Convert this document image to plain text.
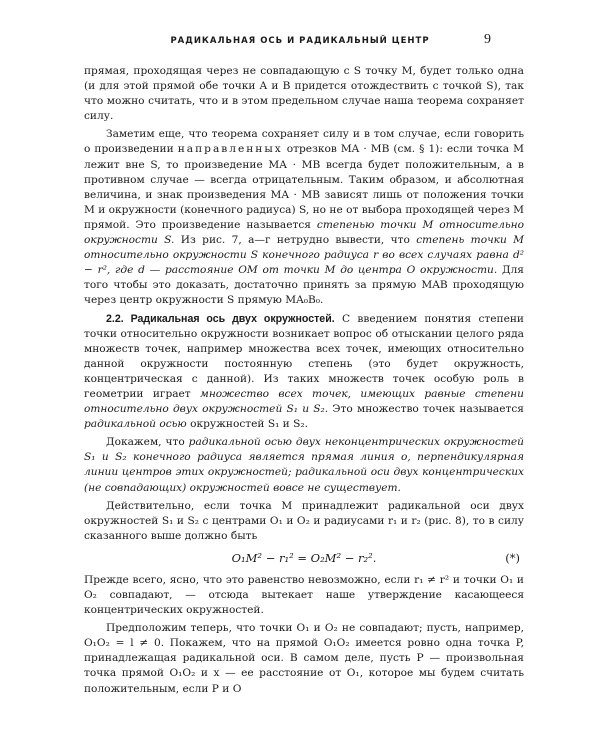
РАДИКАЛЬНАЯ ОСЬ И РАДИКАЛЬНЫЙ ЦЕНТР	9

прямая, проходящая через не совпадающую с S точку M, будет только одна (и для этой прямой обе точки A и B придется отождествить с точкой S), так что можно считать, что и в этом предельном случае наша теорема сохраняет силу.

Заметим еще, что теорема сохраняет силу и в том случае, если говорить о произведении направленных отрезков MA · MB (см. § 1): если точка M лежит вне S, то произведение MA · MB всегда будет положительным, а в противном случае — всегда отрицательным. Таким образом, и абсолютная величина, и знак произведения MA · MB зависят лишь от положения точки M и окружности (конечного радиуса) S, но не от выбора проходящей через M прямой. Это произведение называется степенью точки M относительно окружности S. Из рис. 7, а—г нетрудно вывести, что степень точки M относительно окружности S конечного радиуса r во всех случаях равна d² − r², где d — расстояние OM от точки M до центра O окружности. Для того чтобы это доказать, достаточно принять за прямую MAB проходящую через центр окружности S прямую MA₀B₀.

2.2. Радикальная ось двух окружностей. С введением понятия степени точки относительно окружности возникает вопрос об отыскании целого ряда множеств точек, например множества всех точек, имеющих относительно данной окружности постоянную степень (это будет окружность, концентрическая с данной). Из таких множеств точек особую роль в геометрии играет множество всех точек, имеющих равные степени относительно двух окружностей S₁ и S₂. Это множество точек называется радикальной осью окружностей S₁ и S₂.

Докажем, что радикальной осью двух неконцентрических окружностей S₁ и S₂ конечного радиуса является прямая линия о, перпендикулярная линии центров этих окружностей; радикальной оси двух концентрических (не совпадающих) окружностей вовсе не существует.

Действительно, если точка M принадлежит радикальной оси двух окружностей S₁ и S₂ с центрами O₁ и O₂ и радиусами r₁ и r₂ (рис. 8), то в силу сказанного выше должно быть

O₁M² − r₁² = O₂M² − r₂².	(*)

Прежде всего, ясно, что это равенство невозможно, если r₁ ≠ r² и точки O₁ и O₂ совпадают, — отсюда вытекает наше утверждение касающееся концентрических окружностей.

Предположим теперь, что точки O₁ и O₂ не совпадают; пусть, например, O₁O₂ = l ≠ 0. Покажем, что на прямой O₁O₂ имеется ровно одна точка P, принадлежащая радикальной оси. В самом деле, пусть P — произвольная точка прямой O₁O₂ и x — ее расстояние от O₁, которое мы будем считать положительным, если P и O
